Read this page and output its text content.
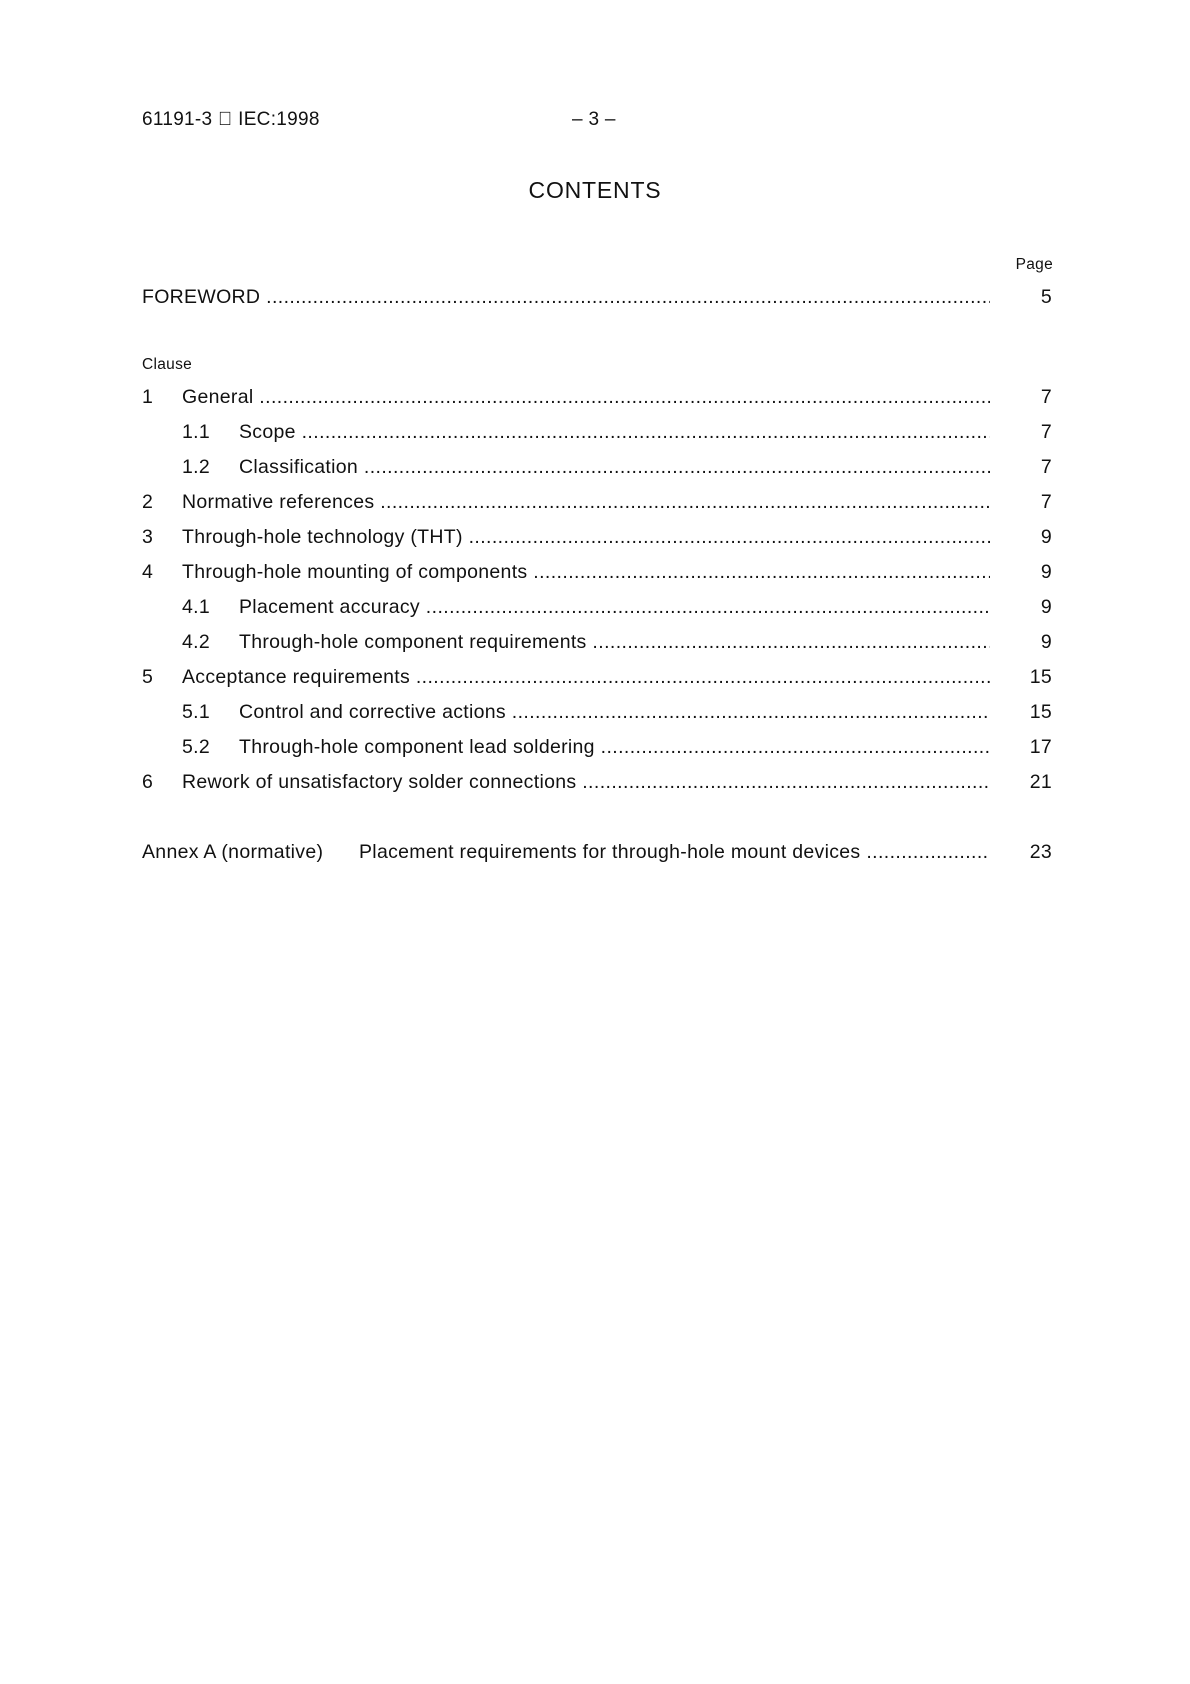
61191-3 IEC:1998	– 3 –
CONTENTS
Page
FOREWORD .....	5
Clause
1 General .....	7
1.1 Scope .....	7
1.2 Classification .....	7
2 Normative references .....	7
3 Through-hole technology (THT) .....	9
4 Through-hole mounting of components .....	9
4.1 Placement accuracy .....	9
4.2 Through-hole component requirements .....	9
5 Acceptance requirements .....	15
5.1 Control and corrective actions .....	15
5.2 Through-hole component lead soldering .....	17
6 Rework of unsatisfactory solder connections .....	21
Annex A (normative) Placement requirements for through-hole mount devices .....	23
